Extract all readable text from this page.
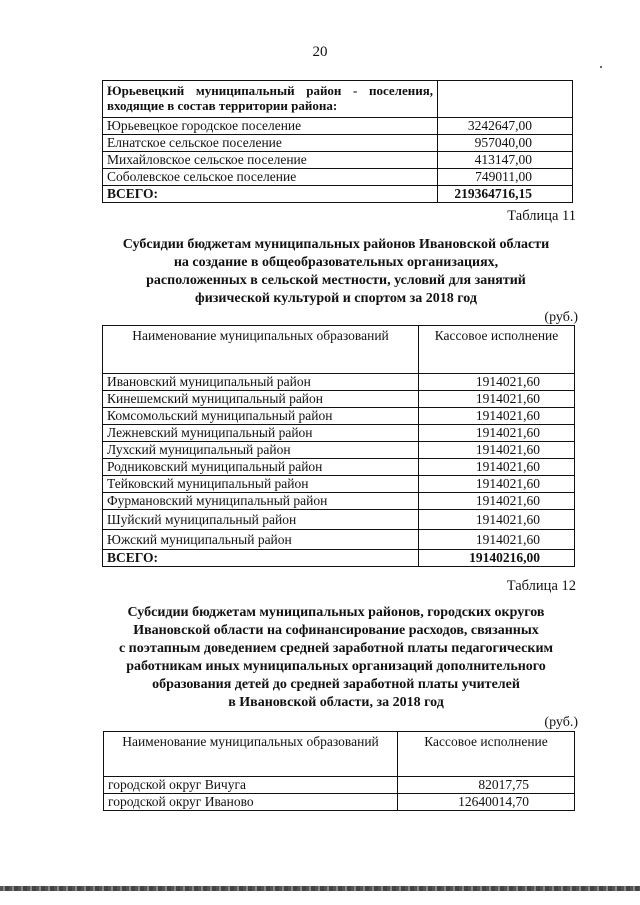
20
Юрьевецкий муниципальный район - поселения, входящие в состав территории района:	
Юрьевецкое городское поселение	3242647,00
Елнатское сельское поселение	957040,00
Михайловское сельское поселение	413147,00
Соболевское сельское поселение	749011,00
ВСЕГО:	219364716,15
Таблица 11
Субсидии бюджетам муниципальных районов Ивановской области
на создание в общеобразовательных организациях,
расположенных в сельской местности, условий для занятий
физической культурой и спортом за 2018 год
(руб.)
Наименование муниципальных образований	Кассовое исполнение
Ивановский муниципальный район	1914021,60
Кинешемский муниципальный район	1914021,60
Комсомольский муниципальный район	1914021,60
Лежневский муниципальный район	1914021,60
Лухский муниципальный район	1914021,60
Родниковский муниципальный район	1914021,60
Тейковский муниципальный район	1914021,60
Фурмановский муниципальный район	1914021,60
Шуйский муниципальный район	1914021,60
Южский муниципальный район	1914021,60
ВСЕГО:	19140216,00
Таблица 12
Субсидии бюджетам муниципальных районов, городских округов
Ивановской области на софинансирование расходов, связанных
с поэтапным доведением средней заработной платы педагогическим
работникам иных муниципальных организаций дополнительного
образования детей до средней заработной платы учителей
в Ивановской области, за 2018 год
(руб.)
Наименование муниципальных образований	Кассовое исполнение
городской округ Вичуга	82017,75
городской округ Иваново	12640014,70
